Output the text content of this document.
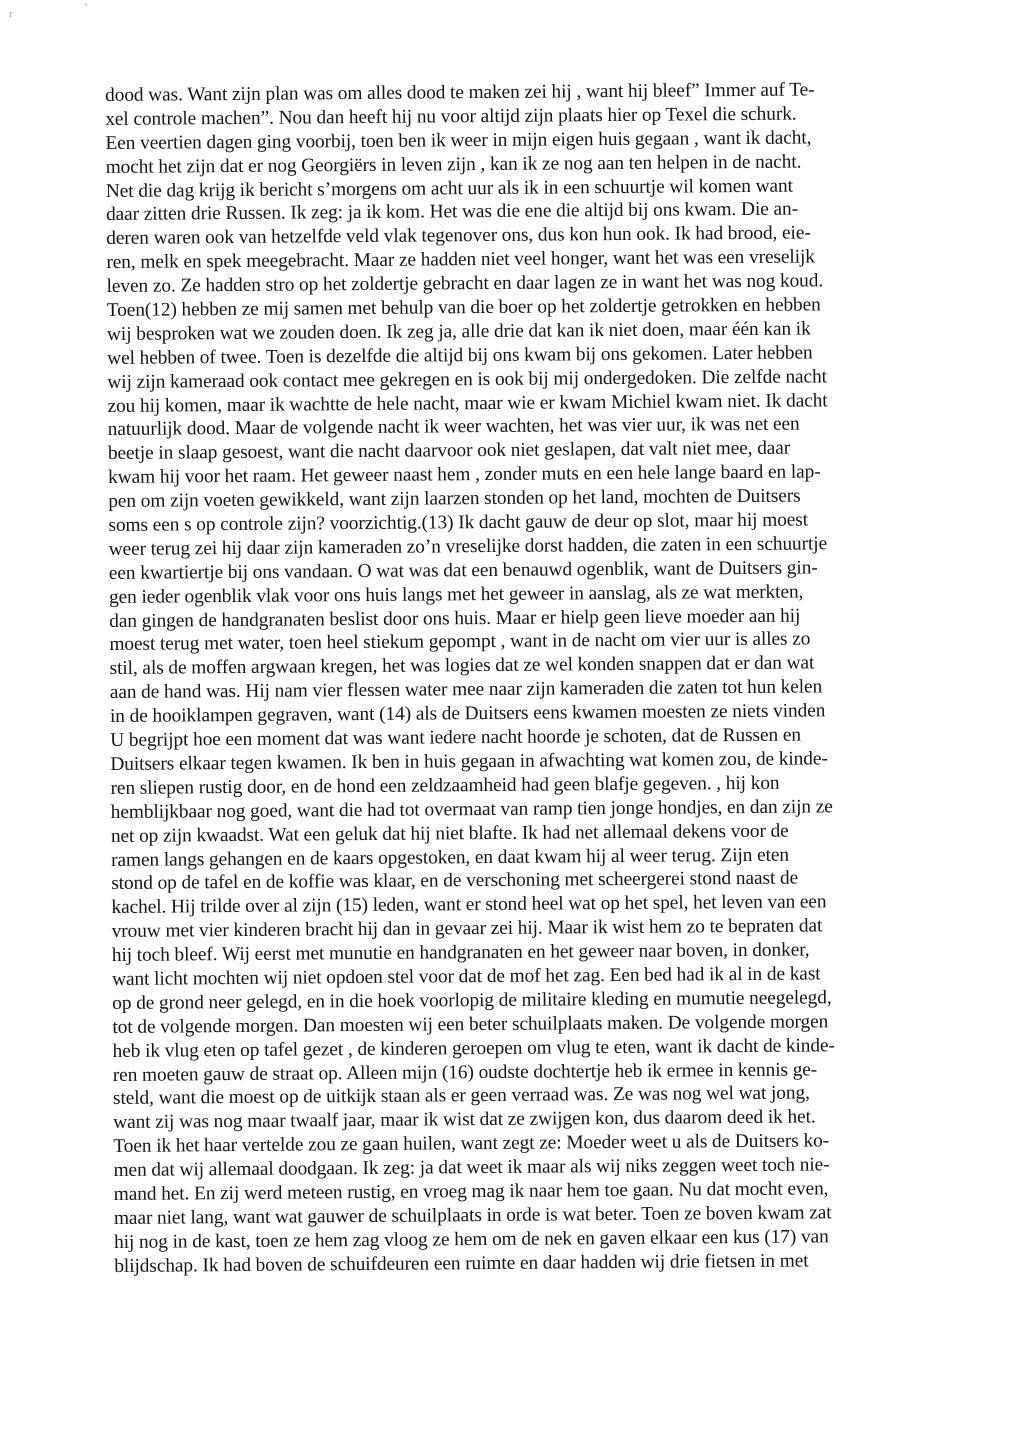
r
"
dood was. Want zijn plan was om alles dood te maken zei hij , want hij bleef” Immer auf Te-
xel controle machen”. Nou dan heeft hij nu voor altijd zijn plaats hier op Texel die schurk.
Een veertien dagen ging voorbij, toen ben ik weer in mijn eigen huis gegaan , want ik dacht,
mocht het zijn dat er nog Georgiërs in leven zijn , kan ik ze nog aan ten helpen in de nacht.
Net die dag krijg ik bericht s’morgens om acht uur als ik in een schuurtje wil komen want
daar zitten drie Russen. Ik zeg: ja ik kom. Het was die ene die altijd bij ons kwam. Die an-
deren waren ook van hetzelfde veld vlak tegenover ons, dus kon hun ook. Ik had brood, eie-
ren, melk en spek meegebracht. Maar ze hadden niet veel honger, want het was een vreselijk
leven zo. Ze hadden stro op het zoldertje gebracht en daar lagen ze in want het was nog koud.
Toen(12) hebben ze mij samen met behulp van die boer op het zoldertje getrokken en hebben
wij besproken wat we zouden doen. Ik zeg ja, alle drie dat kan ik niet doen, maar één kan ik
wel hebben of twee. Toen is dezelfde die altijd bij ons kwam bij ons gekomen. Later hebben
wij zijn kameraad ook contact mee gekregen en is ook bij mij ondergedoken. Die zelfde nacht
zou hij komen, maar ik wachtte de hele nacht, maar wie er kwam Michiel kwam niet. Ik dacht
natuurlijk dood. Maar de volgende nacht ik weer wachten, het was vier uur, ik was net een
beetje in slaap gesoest, want die nacht daarvoor ook niet geslapen, dat valt niet mee, daar
kwam hij voor het raam. Het geweer naast hem , zonder muts en een hele lange baard en lap-
pen om zijn voeten gewikkeld, want zijn laarzen stonden op het land, mochten de Duitsers
soms een s op controle zijn? voorzichtig.(13) Ik dacht gauw de deur op slot, maar hij moest
weer terug zei hij daar zijn kameraden zo’n vreselijke dorst hadden, die zaten in een schuurtje
een kwartiertje bij ons vandaan. O wat was dat een benauwd ogenblik, want de Duitsers gin-
gen ieder ogenblik vlak voor ons huis langs met het geweer in aanslag, als ze wat merkten,
dan gingen de handgranaten beslist door ons huis. Maar er hielp geen lieve moeder aan hij
moest terug met water, toen heel stiekum gepompt , want in de nacht om vier uur is alles zo
stil, als de moffen argwaan kregen, het was logies dat ze wel konden snappen dat er dan wat
aan de hand was. Hij nam vier flessen water mee naar zijn kameraden die zaten tot hun kelen
in de hooiklampen gegraven, want (14) als de Duitsers eens kwamen moesten ze niets vinden
U begrijpt hoe een moment dat was want iedere nacht hoorde je schoten, dat de Russen en
Duitsers elkaar tegen kwamen. Ik ben in huis gegaan in afwachting wat komen zou, de kinde-
ren sliepen rustig door, en de hond een zeldzaamheid had geen blafje gegeven. , hij kon
hemblijkbaar nog goed, want die had tot overmaat van ramp tien jonge hondjes, en dan zijn ze
net op zijn kwaadst. Wat een geluk dat hij niet blafte. Ik had net allemaal dekens voor de
ramen langs gehangen en de kaars opgestoken, en daat kwam hij al weer terug. Zijn eten
stond op de tafel en de koffie was klaar, en de verschoning met scheergerei stond naast de
kachel. Hij trilde over al zijn (15) leden, want er stond heel wat op het spel, het leven van een
vrouw met vier kinderen bracht hij dan in gevaar zei hij. Maar ik wist hem zo te bepraten dat
hij toch bleef. Wij eerst met munutie en handgranaten en het geweer naar boven, in donker,
want licht mochten wij niet opdoen stel voor dat de mof het zag. Een bed had ik al in de kast
op de grond neer gelegd, en in die hoek voorlopig de militaire kleding en mumutie neegelegd,
tot de volgende morgen. Dan moesten wij een beter schuilplaats maken. De volgende morgen
heb ik vlug eten op tafel gezet , de kinderen geroepen om vlug te eten, want ik dacht de kinde-
ren moeten gauw de straat op. Alleen mijn (16) oudste dochtertje heb ik ermee in kennis ge-
steld, want die moest op de uitkijk staan als er geen verraad was. Ze was nog wel wat jong,
want zij was nog maar twaalf jaar, maar ik wist dat ze zwijgen kon, dus daarom deed ik het.
Toen ik het haar vertelde zou ze gaan huilen, want zegt ze: Moeder weet u als de Duitsers ko-
men dat wij allemaal doodgaan. Ik zeg: ja dat weet ik maar als wij niks zeggen weet toch nie-
mand het. En zij werd meteen rustig, en vroeg mag ik naar hem toe gaan. Nu dat mocht even,
maar niet lang, want wat gauwer de schuilplaats in orde is wat beter. Toen ze boven kwam zat
hij nog in de kast, toen ze hem zag vloog ze hem om de nek en gaven elkaar een kus (17) van
blijdschap. Ik had boven de schuifdeuren een ruimte en daar hadden wij drie fietsen in met
